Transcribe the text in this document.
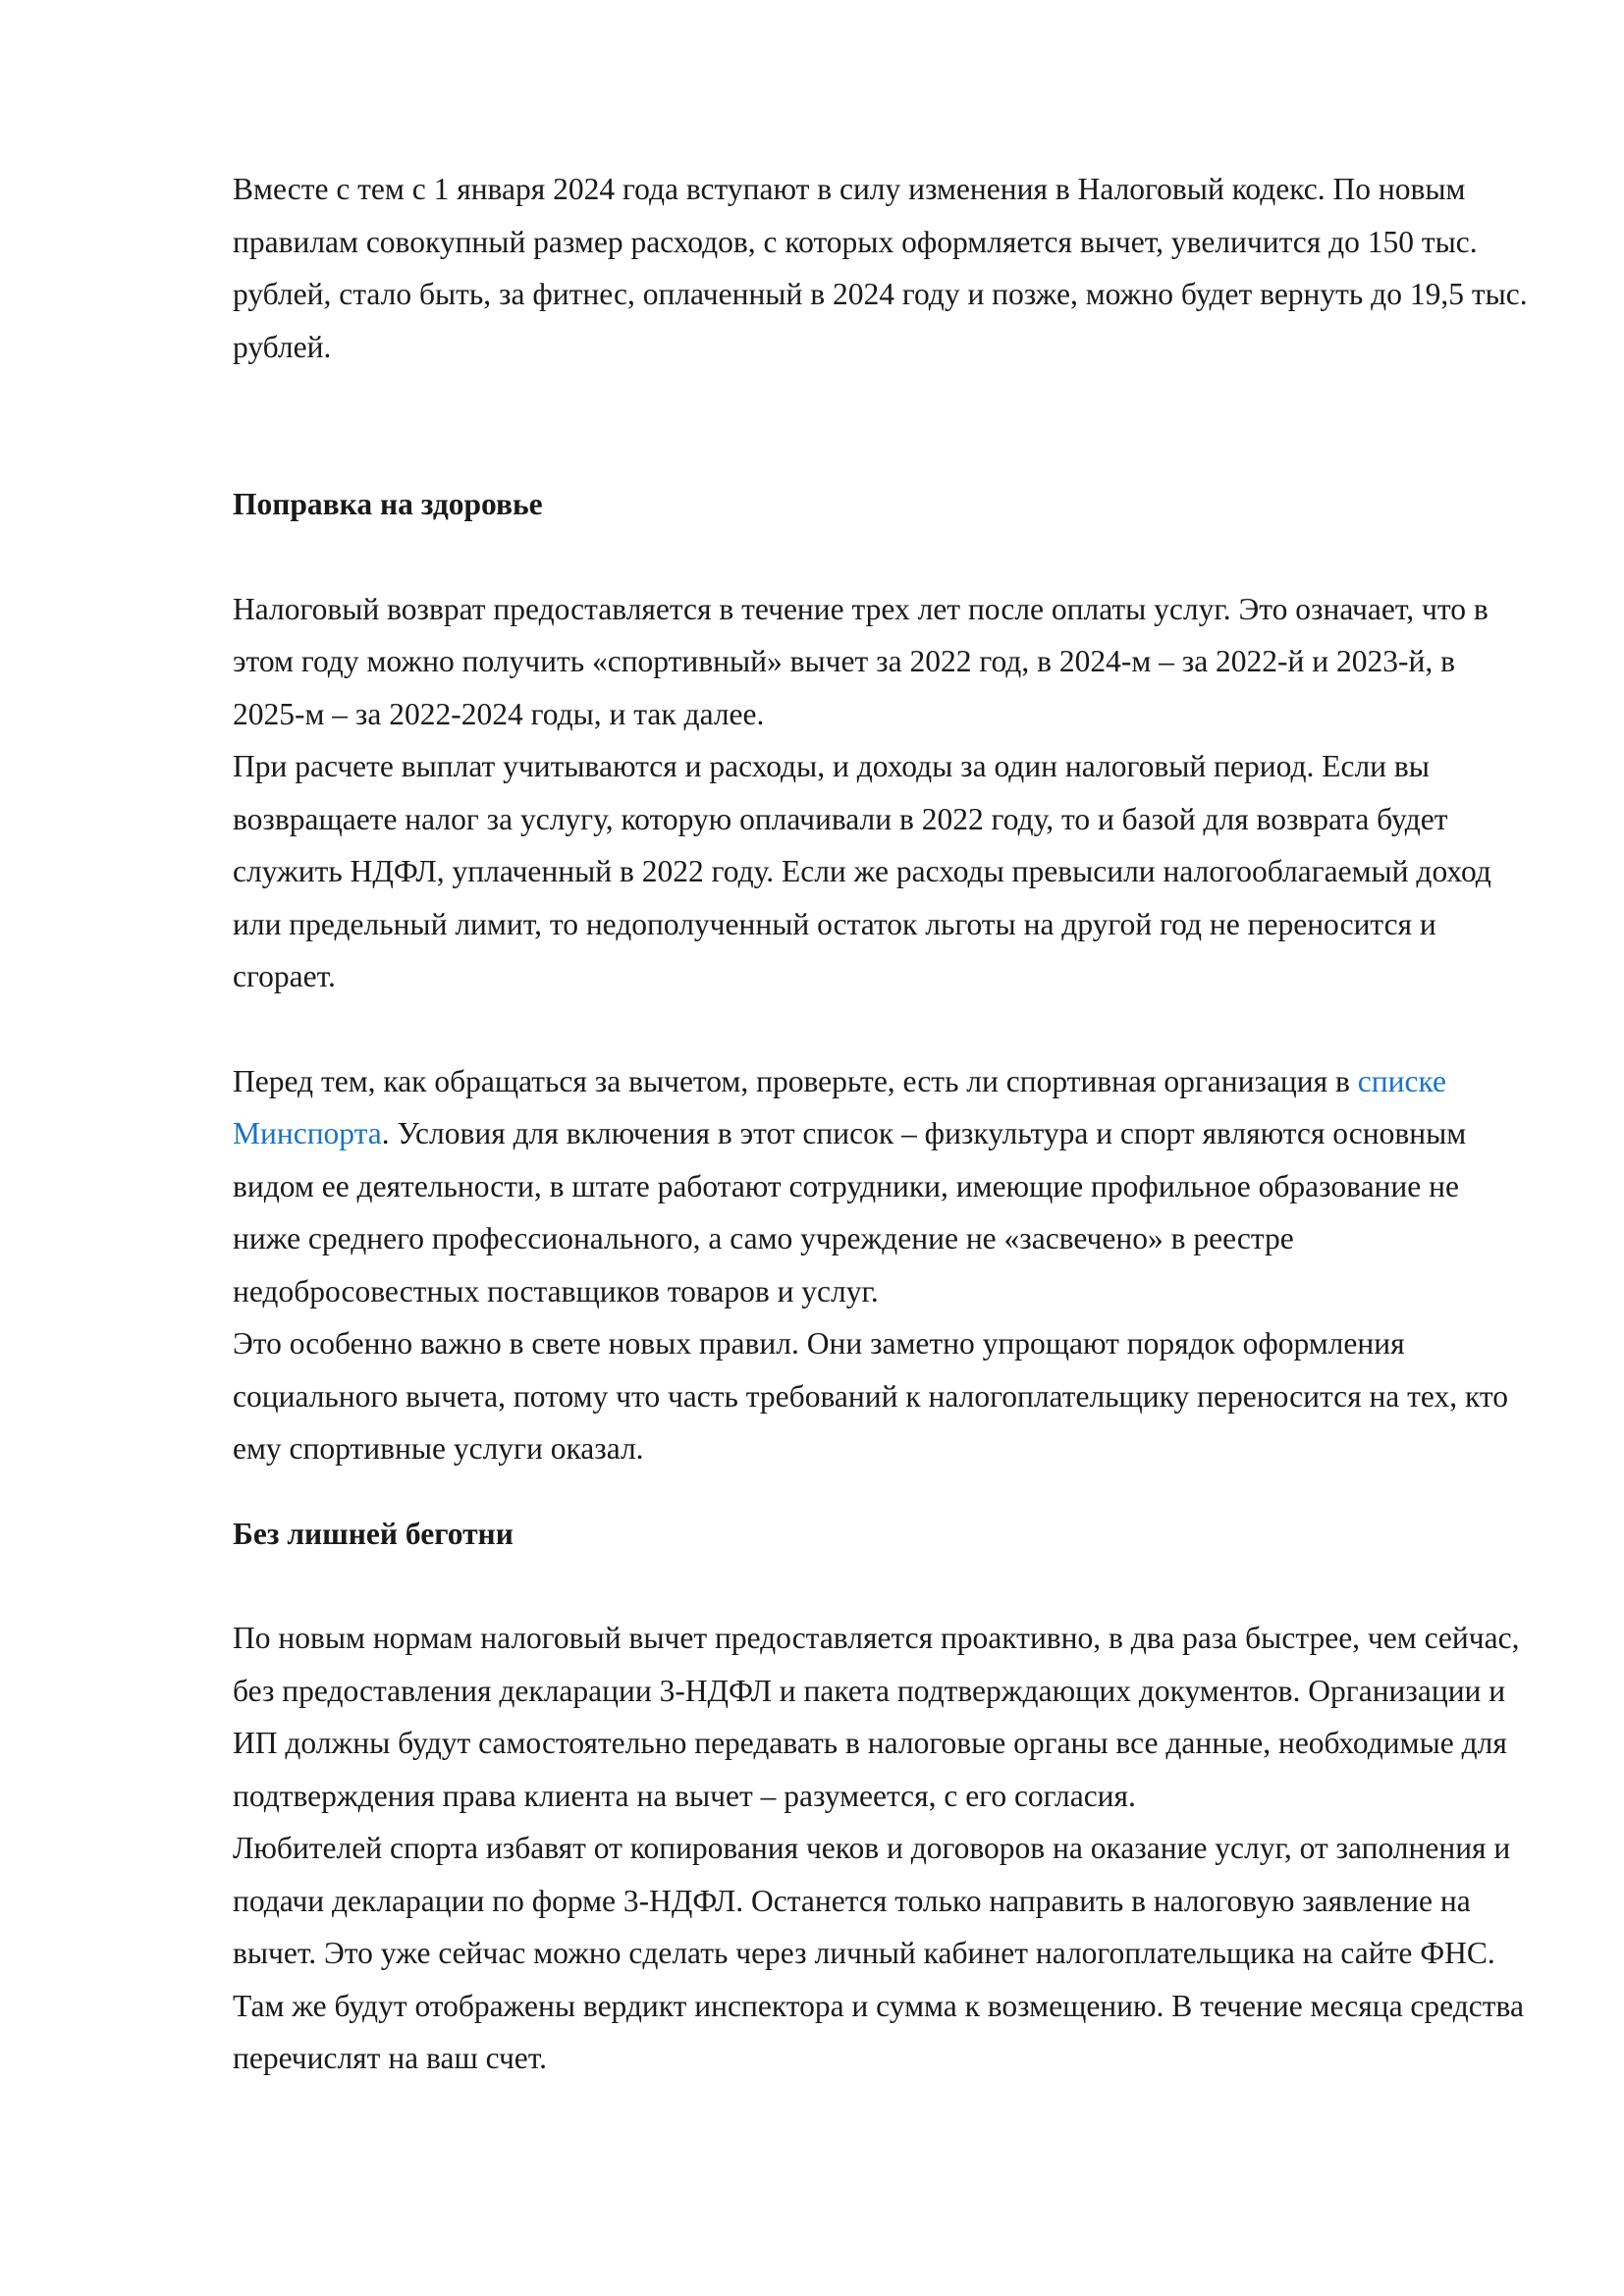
Вместе с тем с 1 января 2024 года вступают в силу изменения в Налоговый кодекс. По новым правилам совокупный размер расходов, с которых оформляется вычет, увеличится до 150 тыс. рублей, стало быть, за фитнес, оплаченный в 2024 году и позже, можно будет вернуть до 19,5 тыс. рублей.

Поправка на здоровье

Налоговый возврат предоставляется в течение трех лет после оплаты услуг. Это означает, что в этом году можно получить «спортивный» вычет за 2022 год, в 2024-м – за 2022-й и 2023-й, в 2025-м – за 2022-2024 годы, и так далее.

При расчете выплат учитываются и расходы, и доходы за один налоговый период. Если вы возвращаете налог за услугу, которую оплачивали в 2022 году, то и базой для возврата будет служить НДФЛ, уплаченный в 2022 году. Если же расходы превысили налогооблагаемый доход или предельный лимит, то недополученный остаток льготы на другой год не переносится и сгорает.

Перед тем, как обращаться за вычетом, проверьте, есть ли спортивная организация в списке Минспорта. Условия для включения в этот список – физкультура и спорт являются основным видом ее деятельности, в штате работают сотрудники, имеющие профильное образование не ниже среднего профессионального, а само учреждение не «засвечено» в реестре недобросовестных поставщиков товаров и услуг.

Это особенно важно в свете новых правил. Они заметно упрощают порядок оформления социального вычета, потому что часть требований к налогоплательщику переносится на тех, кто ему спортивные услуги оказал.

Без лишней беготни

По новым нормам налоговый вычет предоставляется проактивно, в два раза быстрее, чем сейчас, без предоставления декларации 3-НДФЛ и пакета подтверждающих документов. Организации и ИП должны будут самостоятельно передавать в налоговые органы все данные, необходимые для подтверждения права клиента на вычет – разумеется, с его согласия.

Любителей спорта избавят от копирования чеков и договоров на оказание услуг, от заполнения и подачи декларации по форме 3-НДФЛ. Останется только направить в налоговую заявление на вычет. Это уже сейчас можно сделать через личный кабинет налогоплательщика на сайте ФНС. Там же будут отображены вердикт инспектора и сумма к возмещению. В течение месяца средства перечислят на ваш счет.
